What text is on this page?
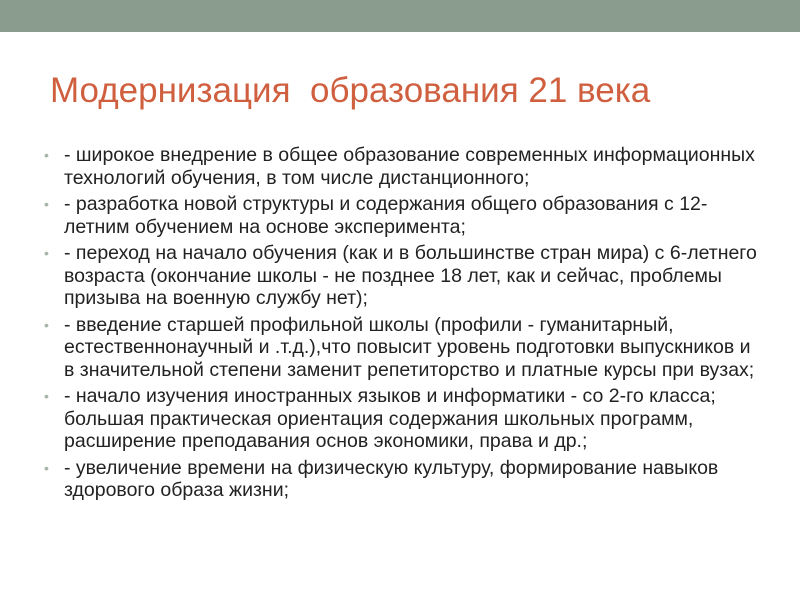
Модернизация  образования 21 века
• - широкое внедрение в общее образование современных информационных технологий обучения, в том числе дистанционного;
• - разработка новой структуры и содержания общего образования с 12-летним обучением на основе эксперимента;
• - переход на начало обучения (как и в большинстве стран мира) с 6-летнего возраста (окончание школы - не позднее 18 лет, как и сейчас, проблемы призыва на военную службу нет);
• - введение старшей профильной школы (профили - гуманитарный, естественнонаучный и .т.д.),что повысит уровень подготовки выпускников и в значительной степени заменит репетиторство и платные курсы при вузах;
• - начало изучения иностранных языков и информатики - со 2-го класса; большая практическая ориентация содержания школьных программ, расширение преподавания основ экономики, права и др.;
• - увеличение времени на физическую культуру, формирование навыков здорового образа жизни;
